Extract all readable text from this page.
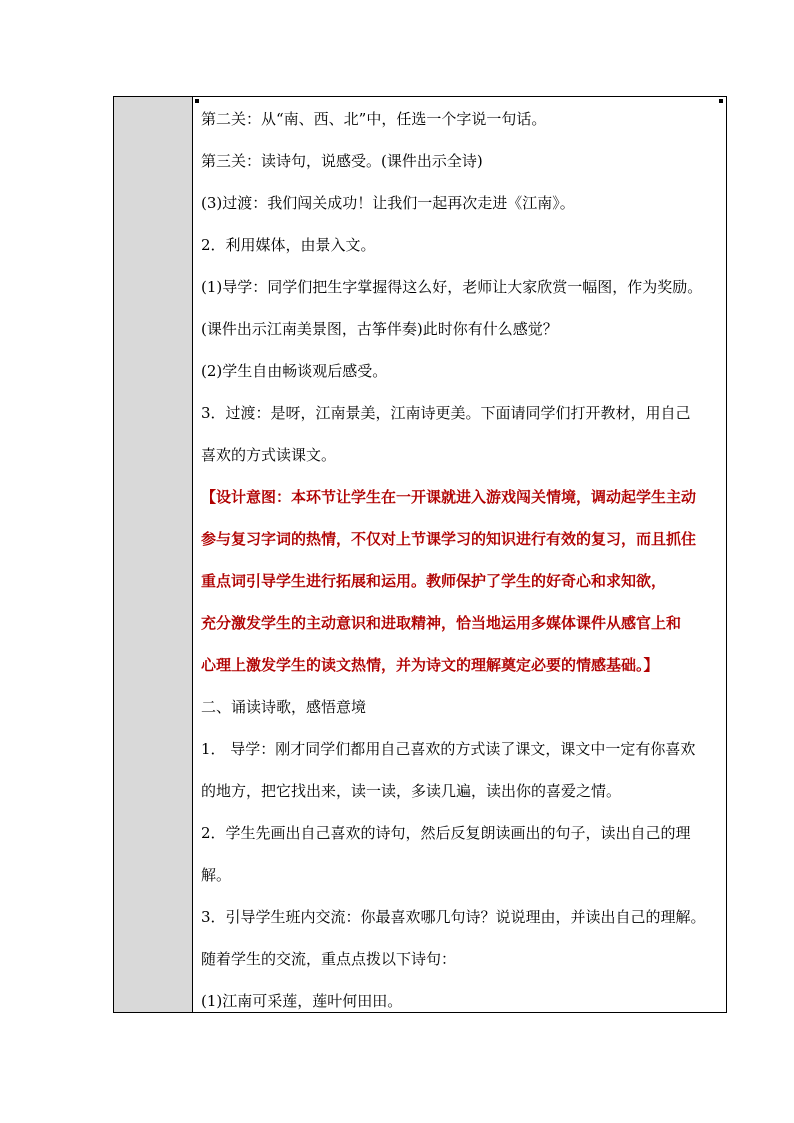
第二关：从“南、西、北”中，任选一个字说一句话。
第三关：读诗句，说感受。(课件出示全诗)
(3)过渡：我们闯关成功！让我们一起再次走进《江南》。
2．利用媒体，由景入文。
(1)导学：同学们把生字掌握得这么好，老师让大家欣赏一幅图，作为奖励。
(课件出示江南美景图，古筝伴奏)此时你有什么感觉？
(2)学生自由畅谈观后感受。
3．过渡：是呀，江南景美，江南诗更美。下面请同学们打开教材，用自己
喜欢的方式读课文。
【设计意图：本环节让学生在一开课就进入游戏闯关情境，调动起学生主动
参与复习字词的热情，不仅对上节课学习的知识进行有效的复习，而且抓住
重点词引导学生进行拓展和运用。教师保护了学生的好奇心和求知欲，
充分激发学生的主动意识和进取精神，恰当地运用多媒体课件从感官上和
心理上激发学生的读文热情，并为诗文的理解奠定必要的情感基础。】
二、诵读诗歌，感悟意境
1． 导学：刚才同学们都用自己喜欢的方式读了课文，课文中一定有你喜欢
的地方，把它找出来，读一读，多读几遍，读出你的喜爱之情。
2．学生先画出自己喜欢的诗句，然后反复朗读画出的句子，读出自己的理
解。
3．引导学生班内交流：你最喜欢哪几句诗？说说理由，并读出自己的理解。
随着学生的交流，重点点拨以下诗句：
(1)江南可采莲，莲叶何田田。
